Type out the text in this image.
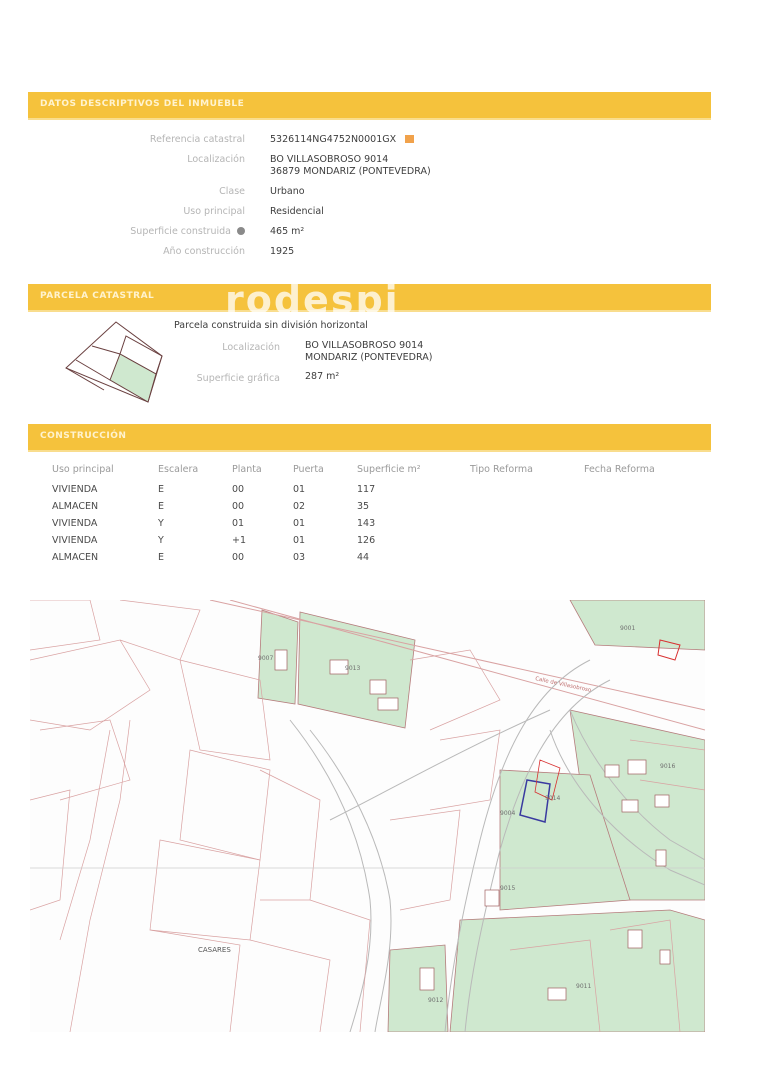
DATOS DESCRIPTIVOS DEL INMUEBLE
Referencia catastral	5326114NG4752N0001GX
Localización	BO VILLASOBROSO 9014
36879 MONDARIZ (PONTEVEDRA)
Clase	Urbano
Uso principal	Residencial
Superficie construida	465 m²
Año construcción	1925
PARCELA CATASTRAL rodespi
Parcela construida sin división horizontal
Localización	BO VILLASOBROSO 9014
MONDARIZ (PONTEVEDRA)
Superficie gráfica	287 m²
CONSTRUCCIÓN
Uso principal	Escalera	Planta	Puerta	Superficie m²	Tipo Reforma	Fecha Reforma
VIVIENDA	E	00	01	117
ALMACEN	E	00	02	35
VIVIENDA	Y	01	01	143
VIVIENDA	Y	+1	01	126
ALMACEN	E	00	03	44
9007
9013
9016
9014
9015
9011
9012
9001
9004
CASARES
Calle de Villasobroso
